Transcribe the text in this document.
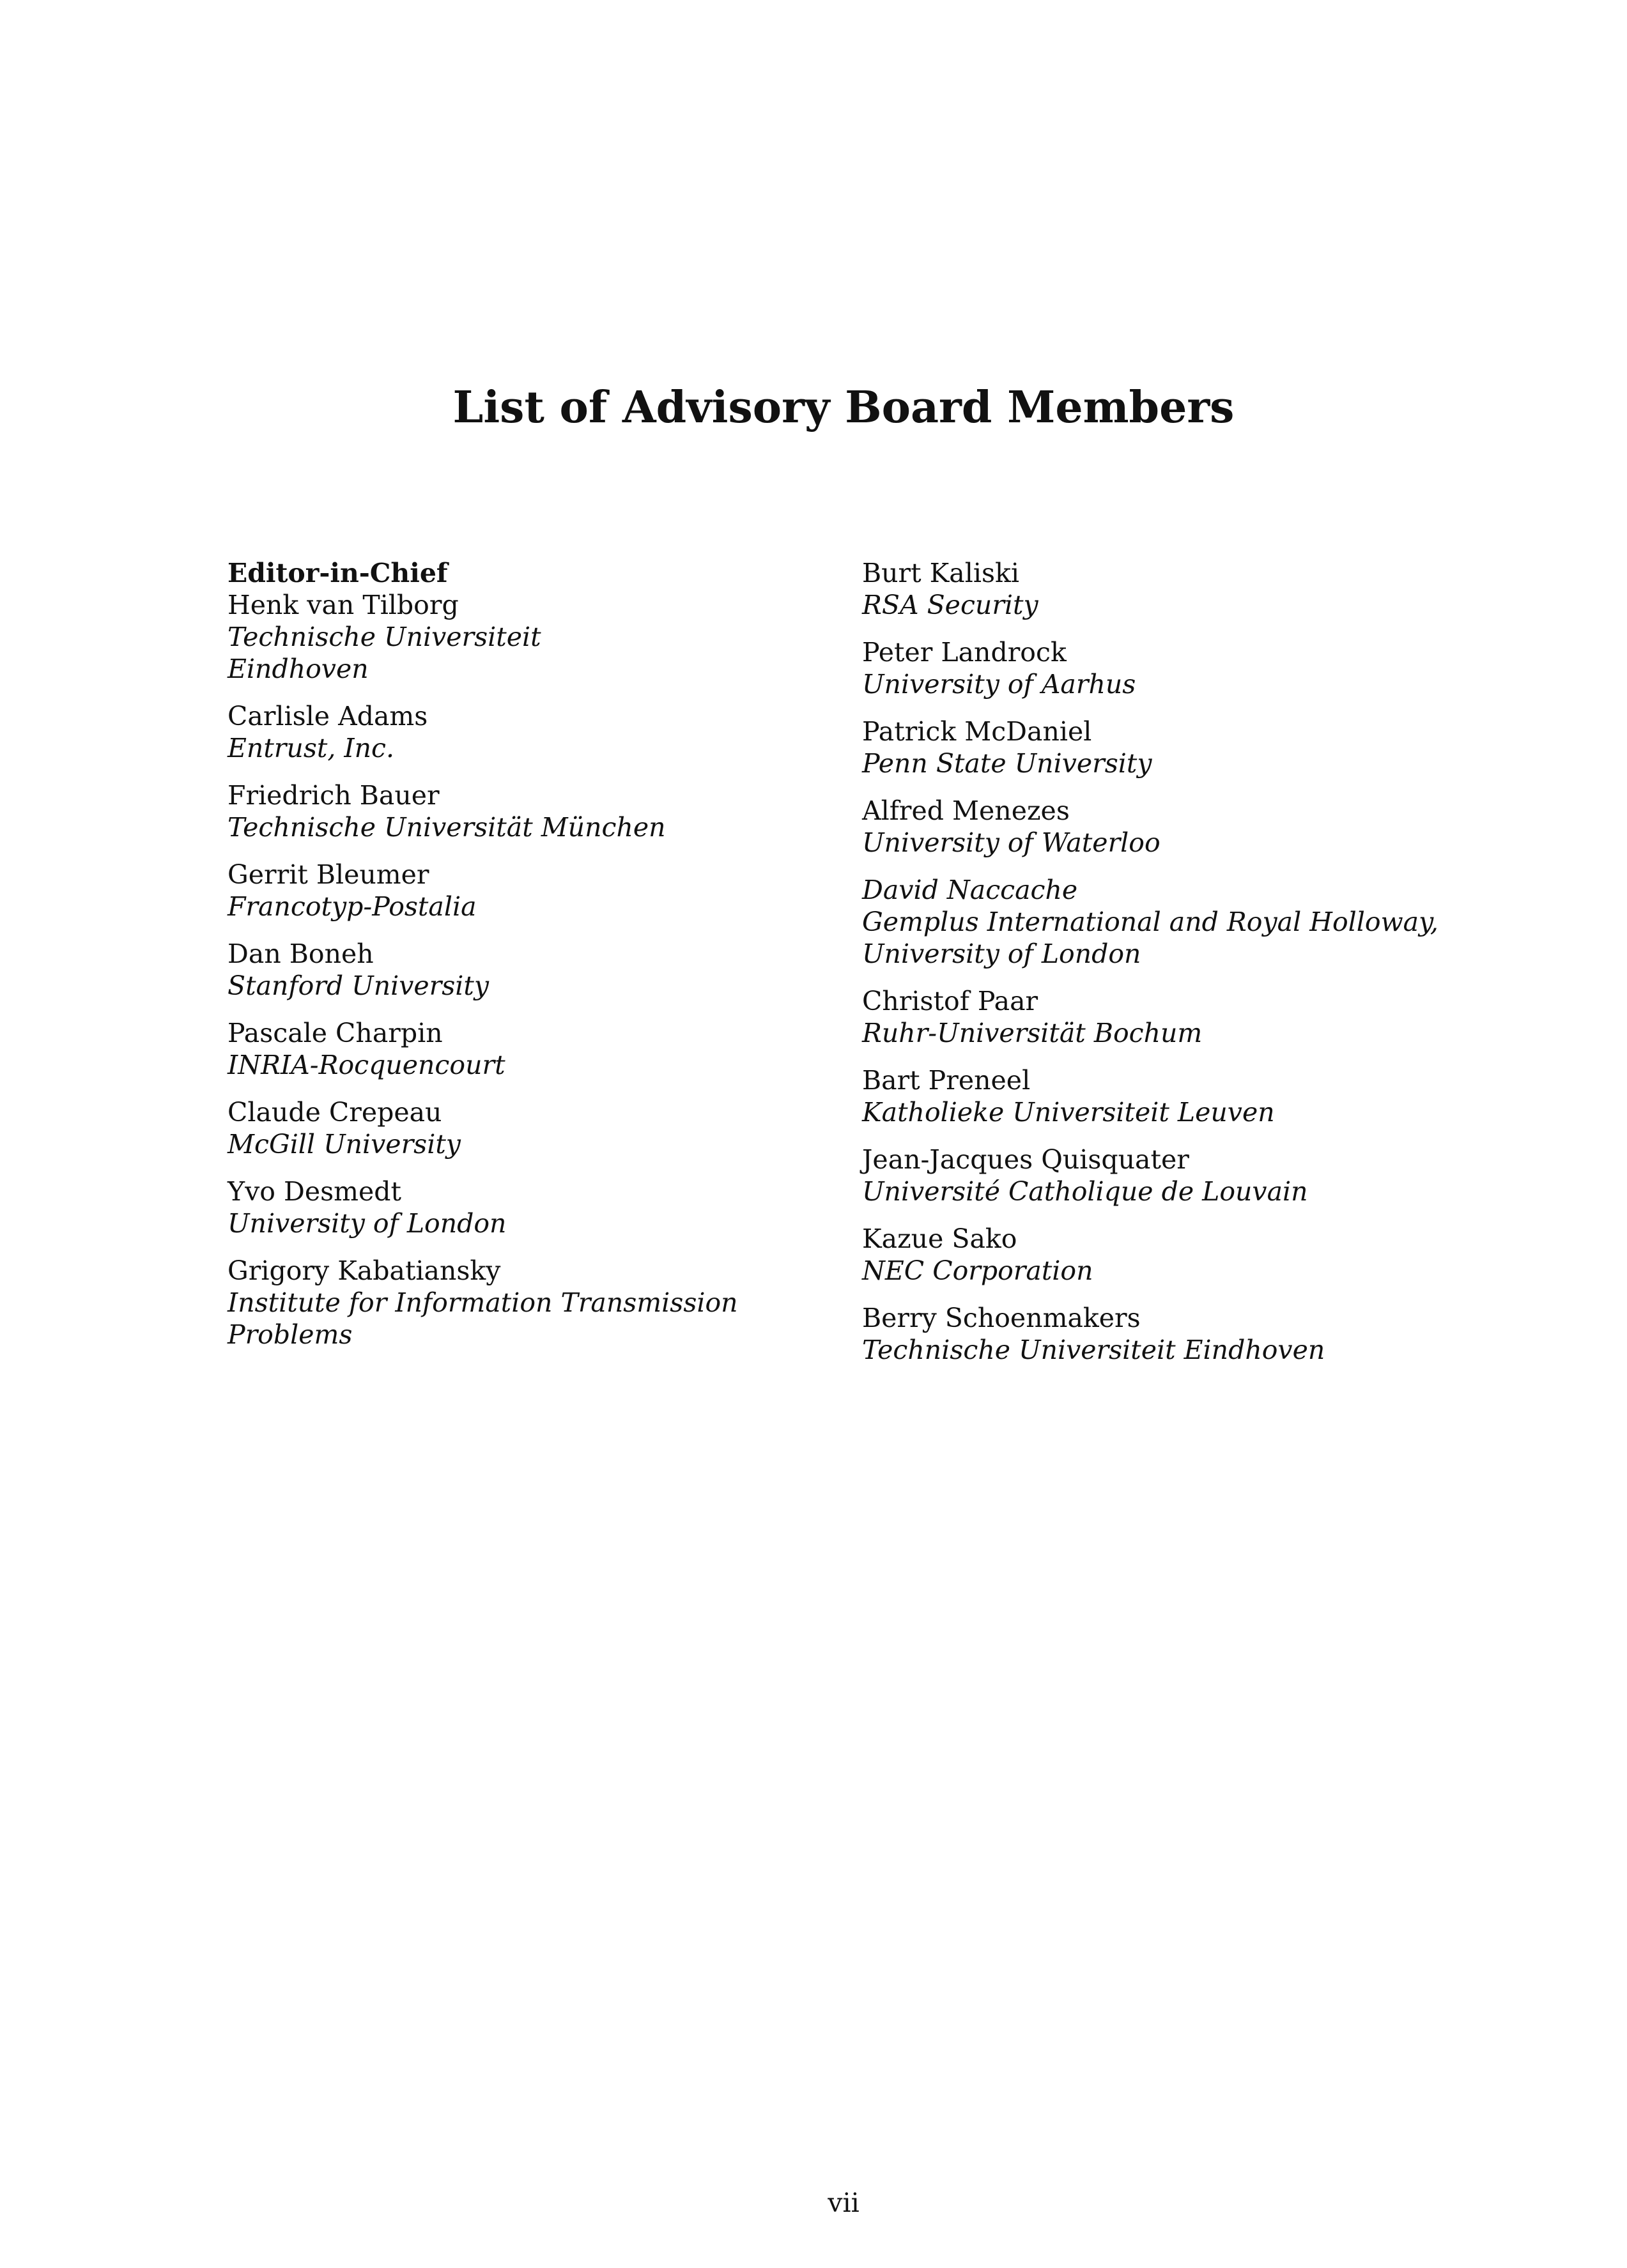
List of Advisory Board Members
Editor-in-Chief
Henk van Tilborg
Technische Universiteit
Eindhoven
Carlisle Adams
Entrust, Inc.
Friedrich Bauer
Technische Universität München
Gerrit Bleumer
Francotyp-Postalia
Dan Boneh
Stanford University
Pascale Charpin
INRIA-Rocquencourt
Claude Crepeau
McGill University
Yvo Desmedt
University of London
Grigory Kabatiansky
Institute for Information Transmission
Problems
Burt Kaliski
RSA Security
Peter Landrock
University of Aarhus
Patrick McDaniel
Penn State University
Alfred Menezes
University of Waterloo
David Naccache
Gemplus International and Royal Holloway,
University of London
Christof Paar
Ruhr-Universität Bochum
Bart Preneel
Katholieke Universiteit Leuven
Jean-Jacques Quisquater
Université Catholique de Louvain
Kazue Sako
NEC Corporation
Berry Schoenmakers
Technische Universiteit Eindhoven
vii
